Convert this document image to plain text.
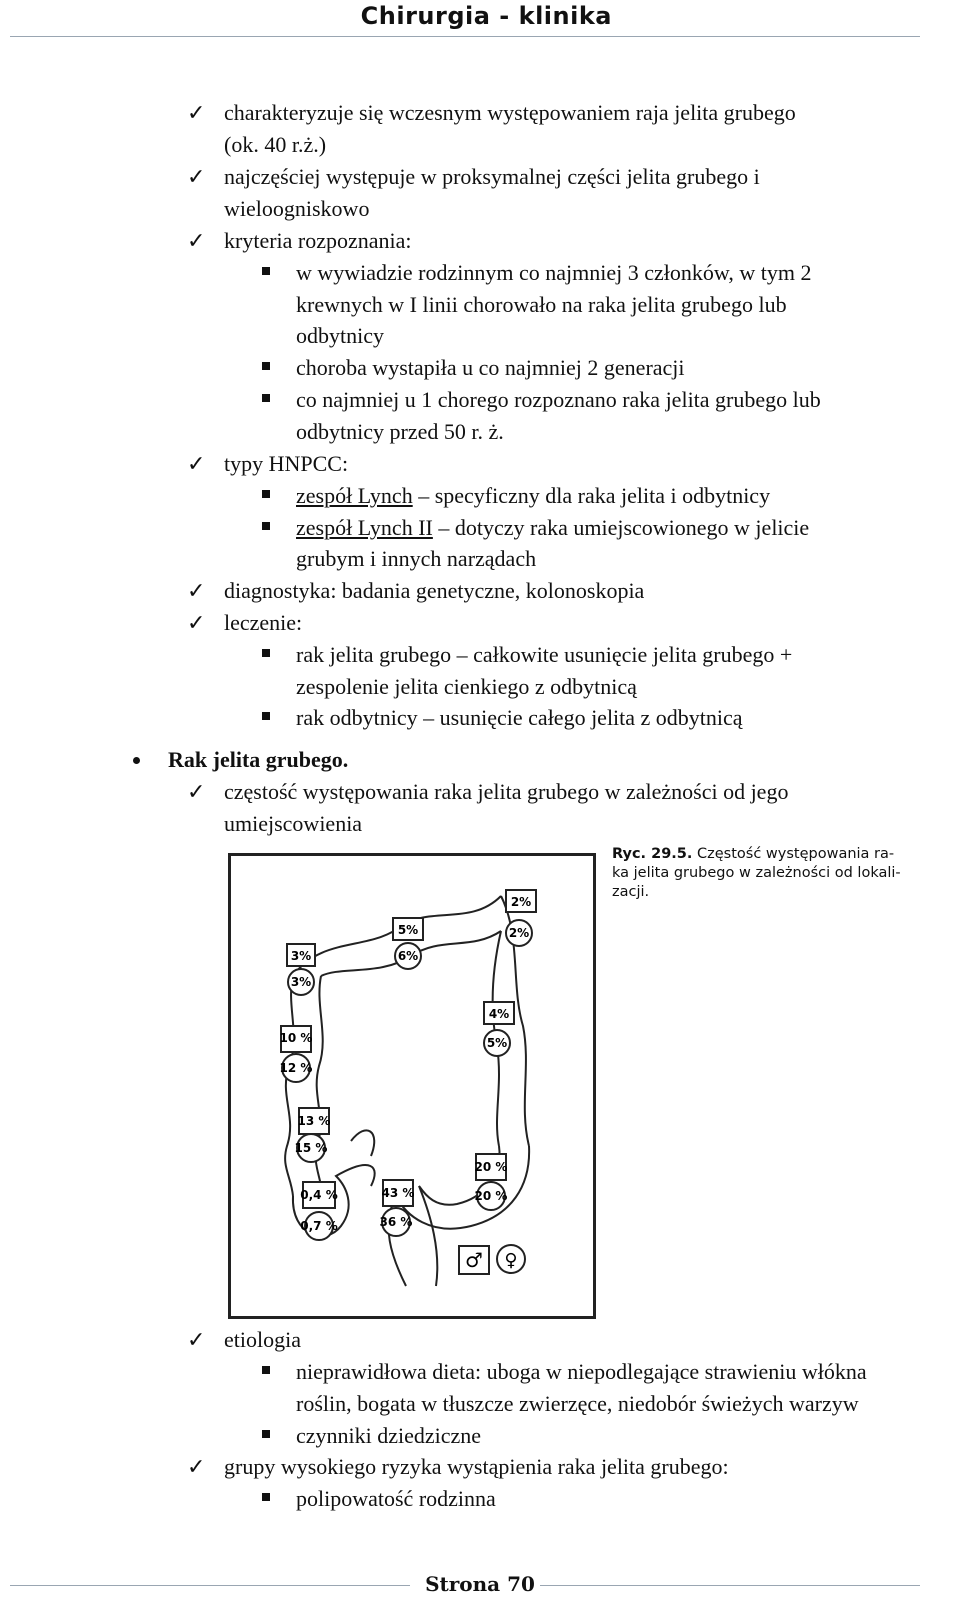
Chirurgia - klinika
✓ charakteryzuje się wczesnym występowaniem raja jelita grubego
(ok. 40 r.ż.)
✓ najczęściej występuje w proksymalnej części jelita grubego i
wieloogniskowo
✓ kryteria rozpoznania:
w wywiadzie rodzinnym co najmniej 3 członków, w tym 2
krewnych w I linii chorowało na raka jelita grubego lub
odbytnicy
choroba wystapiła u co najmniej 2 generacji
co najmniej u 1 chorego rozpoznano raka jelita grubego lub
odbytnicy przed 50 r. ż.
✓ typy HNPCC:
zespół Lynch – specyficzny dla raka jelita i odbytnicy
zespół Lynch II – dotyczy raka umiejscowionego w jelicie
grubym i innych narządach
✓ diagnostyka: badania genetyczne, kolonoskopia
✓ leczenie:
rak jelita grubego – całkowite usunięcie jelita grubego +
zespolenie jelita cienkiego z odbytnicą
rak odbytnicy – usunięcie całego jelita z odbytnicą
Rak jelita grubego.
✓ częstość występowania raka jelita grubego w zależności od jego
umiejscowienia
3%
3%
5%
6%
2%
2%
4%
5%
10 %
12 %
13 %
15 %
0,4 %
0,7 %
43 %
36 %
20 %
20 %
♂ ♀
Ryc. 29.5. Częstość występowania ra-
ka jelita grubego w zależności od lokali-
zacji.
✓ etiologia
nieprawidłowa dieta: uboga w niepodlegające strawieniu włókna
roślin, bogata w tłuszcze zwierzęce, niedobór świeżych warzyw
czynniki dziedziczne
✓ grupy wysokiego ryzyka wystąpienia raka jelita grubego:
polipowatość rodzinna
Strona 70
